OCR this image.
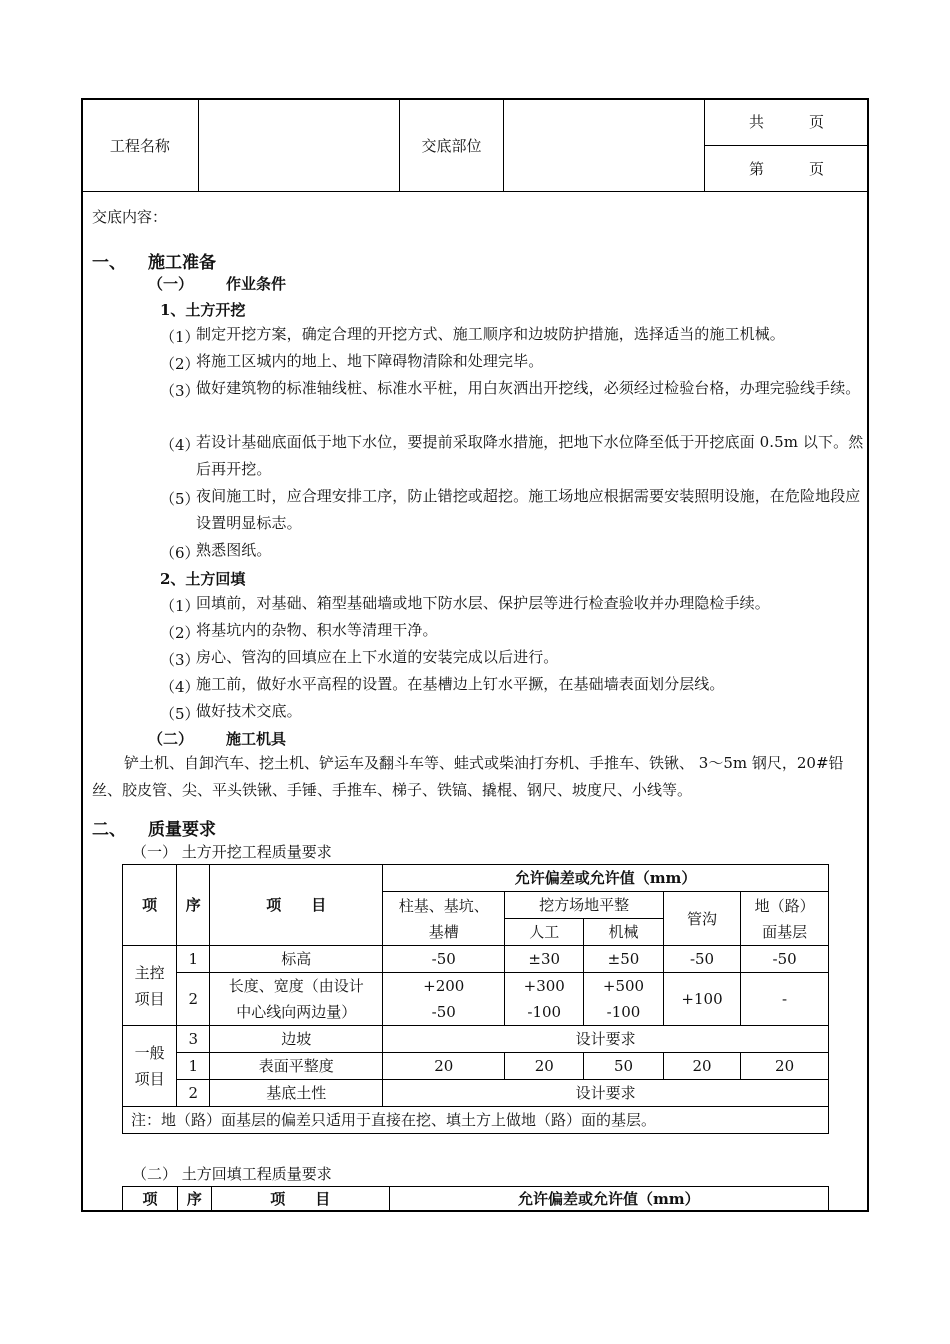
工程名称		交底部位		共　　　页
第　　　页
交底内容：
一、 施工准备
（一） 作业条件
1、土方开挖
（1）
制定开挖方案，确定合理的开挖方式、施工顺序和边坡防护措施，选择适当的施工机械。
（2）
将施工区城内的地上、地下障碍物清除和处理完毕。
（3）
做好建筑物的标准轴线桩、标准水平桩，用白灰洒出开挖线，必须经过检验台格，办理完验线手续。
（4）
若设计基础底面低于地下水位，要提前采取降水措施，把地下水位降至低于开挖底面 0.5m 以下。然后再开挖。
（5）
夜间施工时，应合理安排工序，防止错挖或超挖。施工场地应根据需要安装照明设施，在危险地段应设置明显标志。
（6）
熟悉图纸。
2、土方回填
（1）
回填前，对基础、箱型基础墙或地下防水层、保护层等进行检查验收并办理隐检手续。
（2）
将基坑内的杂物、积水等清理干净。
（3）
房心、管沟的回填应在上下水道的安装完成以后进行。
（4）
施工前，做好水平高程的设置。在基槽边上钉水平撅，在基础墙表面划分层线。
（5）
做好技术交底。
（二） 施工机具
铲土机、自卸汽车、挖土机、铲运车及翻斗车等、蛙式或柴油打夯机、手推车、铁锹、 3～5m 钢尺，20#铅丝、胶皮管、尖、平头铁锹、手锤、手推车、梯子、铁镐、撬棍、钢尺、坡度尺、小线等。
二、 质量要求
（一） 土方开挖工程质量要求
项	序	项　　目	允许偏差或允许值（mm）				
			柱基、基坑、基槽	挖方场地平整		管沟	地（路）面基层
				人工	机械		
主控项目	1	标高	-50	±30	±50	-50	-50
	2	长度、宽度（由设计中心线向两边量）	+200 -50	+300 -100	+500 -100	+100	-
一般项目	3	边坡	设计要求				
	1	表面平整度	20	20	50	20	20
	2	基底土性	设计要求				
注：地（路）面基层的偏差只适用于直接在挖、填土方上做地（路）面的基层。							
（二） 土方回填工程质量要求
项	序	项　　目	允许偏差或允许值（mm）
